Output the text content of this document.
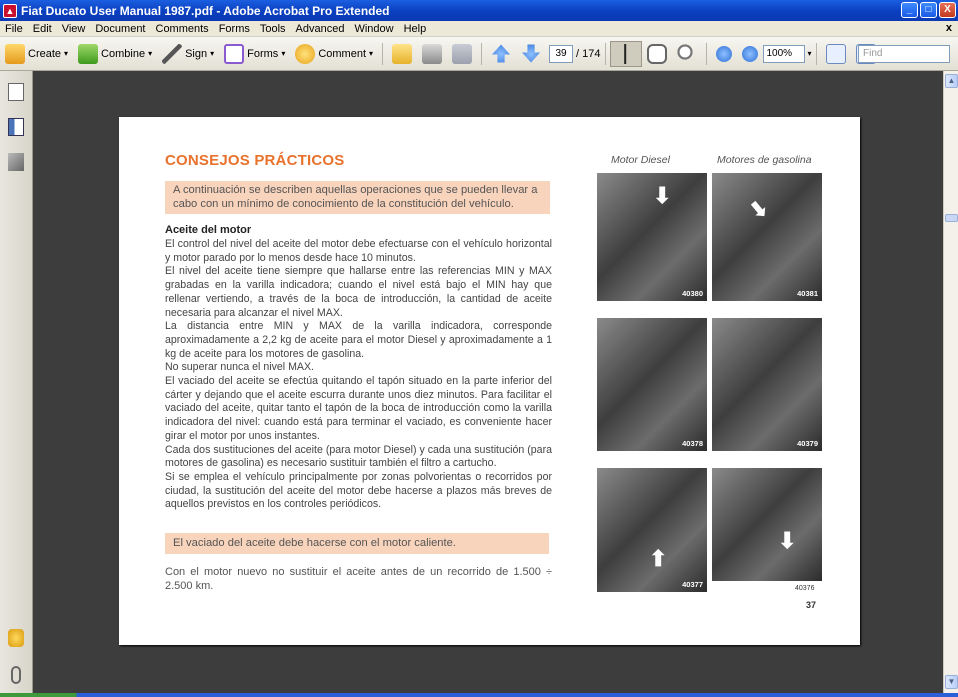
▲ Fiat Ducato User Manual 1987.pdf - Adobe Acrobat Pro Extended	_	□	X
File Edit View Document Comments Forms Tools Advanced Window Help	x
Create ▾	Combine ▾	Sign ▾	Forms ▾	Comment ▾	39 / 174	100%	▾	Find
▲
▼
CONSEJOS PRÁCTICOS
A continuación se describen aquellas operaciones que se pueden llevar a cabo con un mínimo de conocimiento de la constitución del vehículo.
Aceite del motor

El control del nivel del aceite del motor debe efectuarse con el vehículo horizontal y motor parado por lo menos desde hace 10 minutos.

El nivel del aceite tiene siempre que hallarse entre las referencias MIN y MAX grabadas en la varilla indicadora; cuando el nivel está bajo el MIN hay que rellenar vertiendo, a través de la boca de introducción, la cantidad de aceite necesaria para alcanzar el nivel MAX.

La distancia entre MIN y MAX de la varilla indicadora, corresponde aproximadamente a 2,2 kg de aceite para el motor Diesel y aproximadamente a 1 kg de aceite para los motores de gasolina.

No superar nunca el nivel MAX.

El vaciado del aceite se efectúa quitando el tapón situado en la parte inferior del cárter y dejando que el aceite escurra durante unos diez minutos. Para facilitar el vaciado del aceite, quitar tanto el tapón de la boca de introducción como la varilla indicadora del nivel: cuando está para terminar el vaciado, es conveniente hacer girar el motor por unos instantes.

Cada dos sustituciones del aceite (para motor Diesel) y cada una sustitución (para motores de gasolina) es necesario sustituir también el filtro a cartucho.

Si se emplea el vehículo principalmente por zonas polvorientas o recorridos por ciudad, la sustitución del aceite del motor debe hacerse a plazos más breves de aquellos previstos en los controles periódicos.

El vaciado del aceite debe hacerse con el motor caliente.
Con el motor nuevo no sustituir el aceite antes de un recorrido de 1.500 ÷ 2.500 km.
Motor Diesel	Motores de gasolina
⬇
40380
⬇
40381
40378	40379
⬆
40377
⬇
40376
37
